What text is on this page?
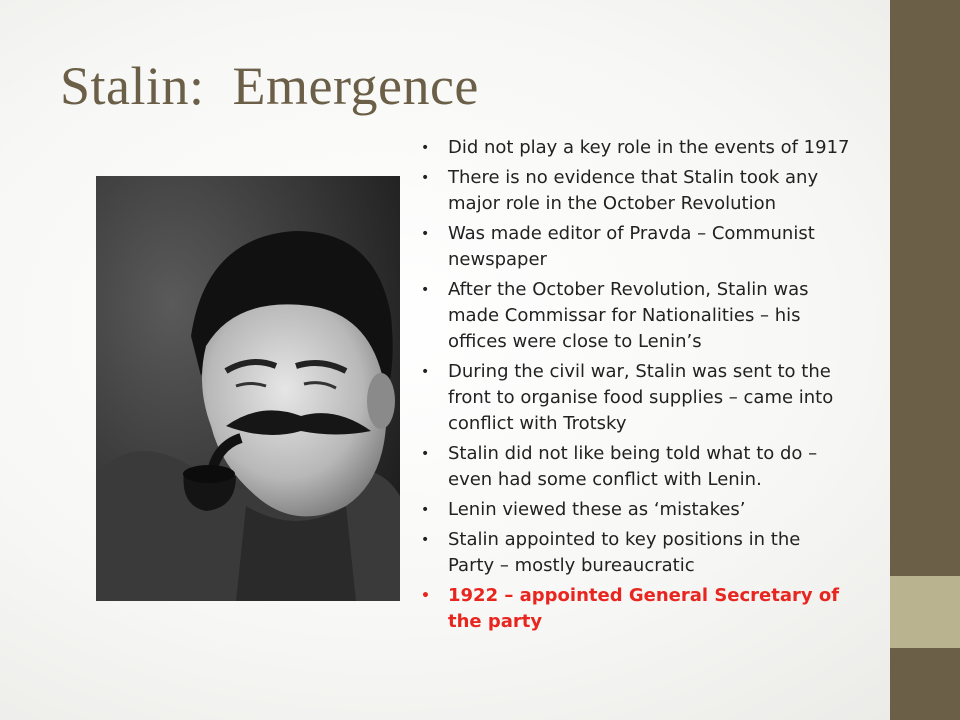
Stalin:  Emergence
• Did not play a key role in the events of 1917
• There is no evidence that Stalin took any major role in the October Revolution
• Was made editor of Pravda – Communist newspaper
• After the October Revolution, Stalin was made Commissar for Nationalities – his offices were close to Lenin’s
• During the civil war, Stalin was sent to the front to organise food supplies – came into conflict with Trotsky
• Stalin did not like being told what to do – even had some conflict with Lenin.
• Lenin viewed these as ‘mistakes’
• Stalin appointed to key positions in the Party – mostly bureaucratic
• 1922 – appointed General Secretary of the party
